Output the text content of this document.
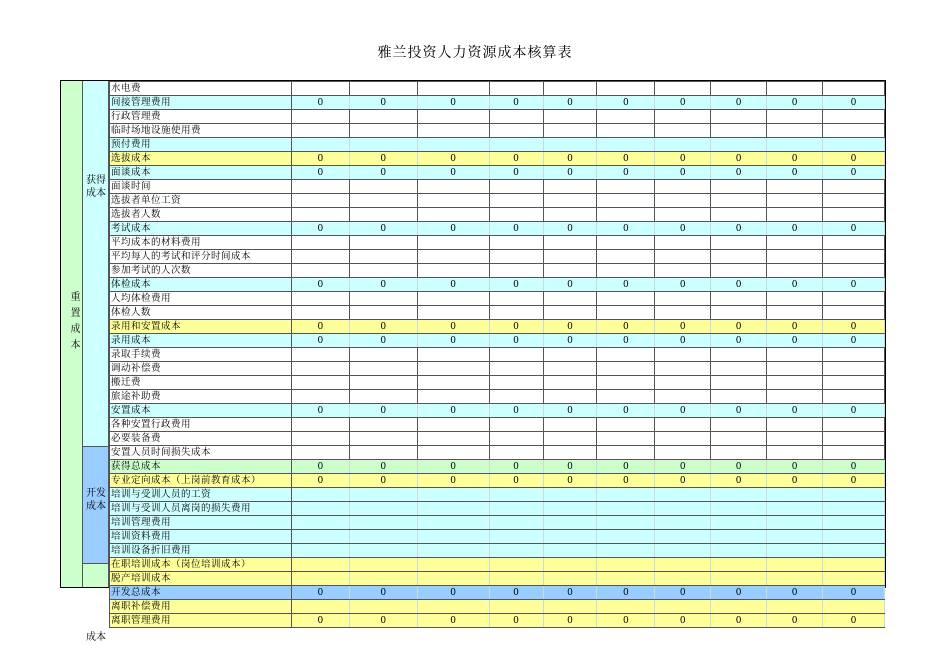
雅兰投资人力资源成本核算表
重置成本
获得成本
开发成本
水电费										
间接管理费用	0	0	0	0	0	0	0	0	0	0
行政管理费										
临时场地设施使用费										
预付费用										
选拔成本	0	0	0	0	0	0	0	0	0	0
面谈成本	0	0	0	0	0	0	0	0	0	0
面谈时间										
选拔者单位工资										
选拔者人数										
考试成本	0	0	0	0	0	0	0	0	0	0
平均成本的材料费用										
平均每人的考试和评分时间成本										
参加考试的人次数										
体检成本	0	0	0	0	0	0	0	0	0	0
人均体检费用										
体检人数										
录用和安置成本	0	0	0	0	0	0	0	0	0	0
录用成本	0	0	0	0	0	0	0	0	0	0
录取手续费										
调动补偿费										
搬迁费										
旅途补助费										
安置成本	0	0	0	0	0	0	0	0	0	0
各种安置行政费用										
必要装备费										
安置人员时间损失成本										
获得总成本	0	0	0	0	0	0	0	0	0	0
专业定向成本（上岗前教育成本）	0	0	0	0	0	0	0	0	0	0
培训与受训人员的工资										
培训与受训人员离岗的损失费用										
培训管理费用										
培训资料费用										
培训设备折旧费用										
在职培训成本（岗位培训成本）										
脱产培训成本										
开发总成本	0	0	0	0	0	0	0	0	0	0
离职补偿费用										
离职管理费用	0	0	0	0	0	0	0	0	0	0
成本
